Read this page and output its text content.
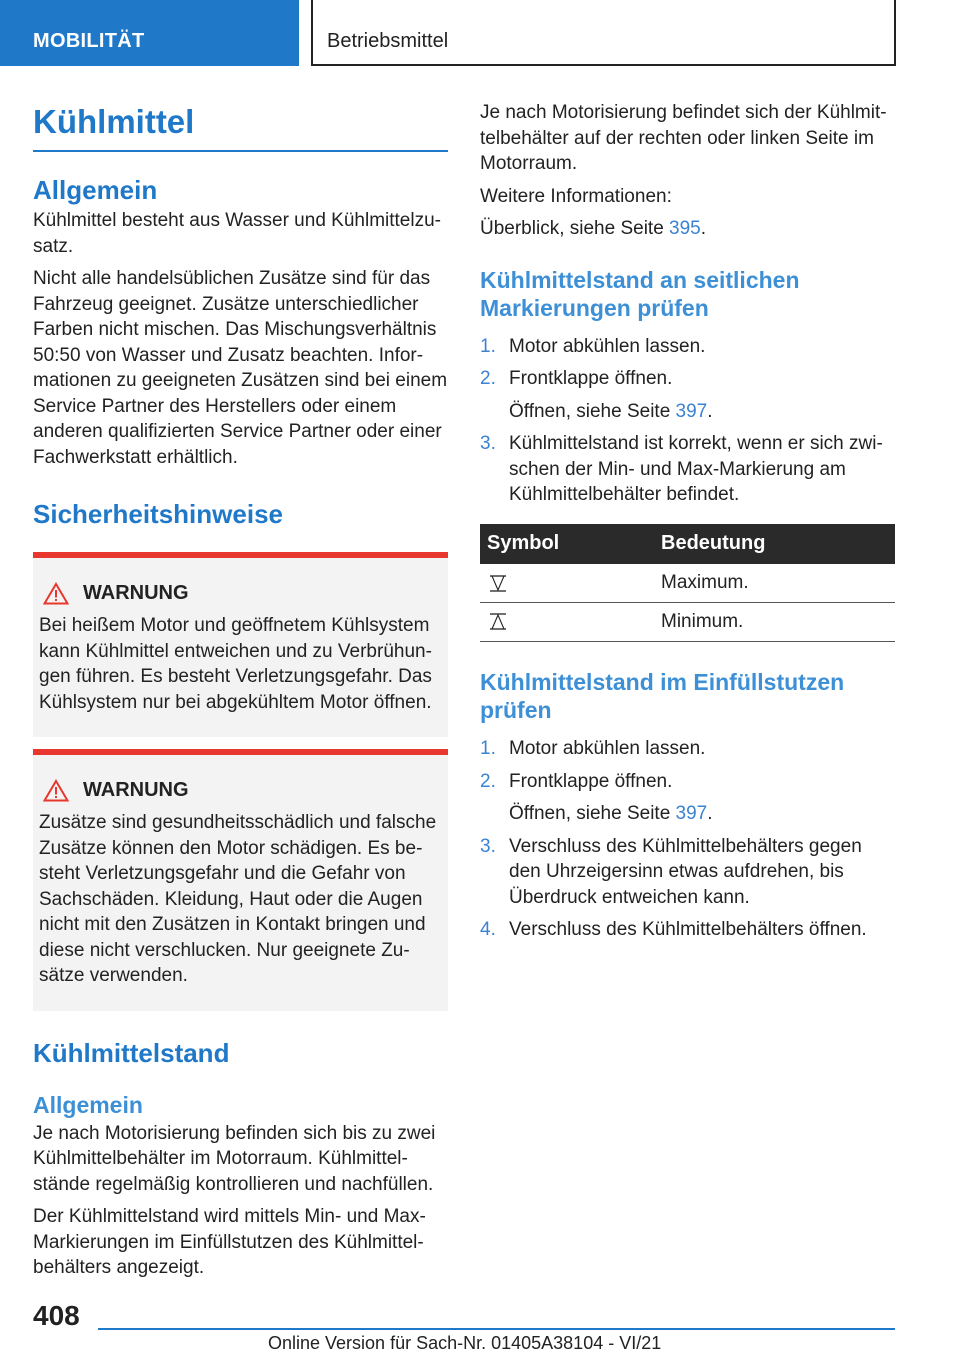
MOBILITÄT	Betriebsmittel
Kühlmittel
Allgemein

Kühlmittel besteht aus Wasser und Kühlmittelzusatz.

Nicht alle handelsüblichen Zusätze sind für das Fahrzeug geeignet. Zusätze unterschiedlicher Farben nicht mischen. Das Mischungsverhältnis 50:50 von Wasser und Zusatz beachten. Informationen zu geeigneten Zusätzen sind bei einem Service Partner des Herstellers oder einem anderen qualifizierten Service Partner oder einer Fachwerkstatt erhältlich.

Sicherheitshinweise
WARNUNG

Bei heißem Motor und geöffnetem Kühlsystem kann Kühlmittel entweichen und zu Verbrühungen führen. Es besteht Verletzungsgefahr. Das Kühlsystem nur bei abgekühltem Motor öffnen.

WARNUNG

Zusätze sind gesundheitsschädlich und falsche Zusätze können den Motor schädigen. Es besteht Verletzungsgefahr und die Gefahr von Sachschäden. Kleidung, Haut oder die Augen nicht mit den Zusätzen in Kontakt bringen und diese nicht verschlucken. Nur geeignete Zusätze verwenden.

Kühlmittelstand
Allgemein

Je nach Motorisierung befinden sich bis zu zwei Kühlmittelbehälter im Motorraum. Kühlmittelstände regelmäßig kontrollieren und nachfüllen.

Der Kühlmittelstand wird mittels Min- und Max-Markierungen im Einfüllstutzen des Kühlmittelbehälters angezeigt.

Je nach Motorisierung befindet sich der Kühlmittelbehälter auf der rechten oder linken Seite im Motorraum.

Weitere Informationen:

Überblick, siehe Seite 395.

Kühlmittelstand an seitlichen Markierungen prüfen
1. Motor abkühlen lassen.
2. Frontklappe öffnen.
Öffnen, siehe Seite 397.
3. Kühlmittelstand ist korrekt, wenn er sich zwischen der Min- und Max-Markierung am Kühlmittelbehälter befindet.
Symbol	Bedeutung

	Maximum.

	Minimum.
Kühlmittelstand im Einfüllstutzen prüfen
1. Motor abkühlen lassen.
2. Frontklappe öffnen.
Öffnen, siehe Seite 397.
3. Verschluss des Kühlmittelbehälters gegen den Uhrzeigersinn etwas aufdrehen, bis Überdruck entweichen kann.
4. Verschluss des Kühlmittelbehälters öffnen.
408
Online Version für Sach-Nr. 01405A38104 - VI/21
